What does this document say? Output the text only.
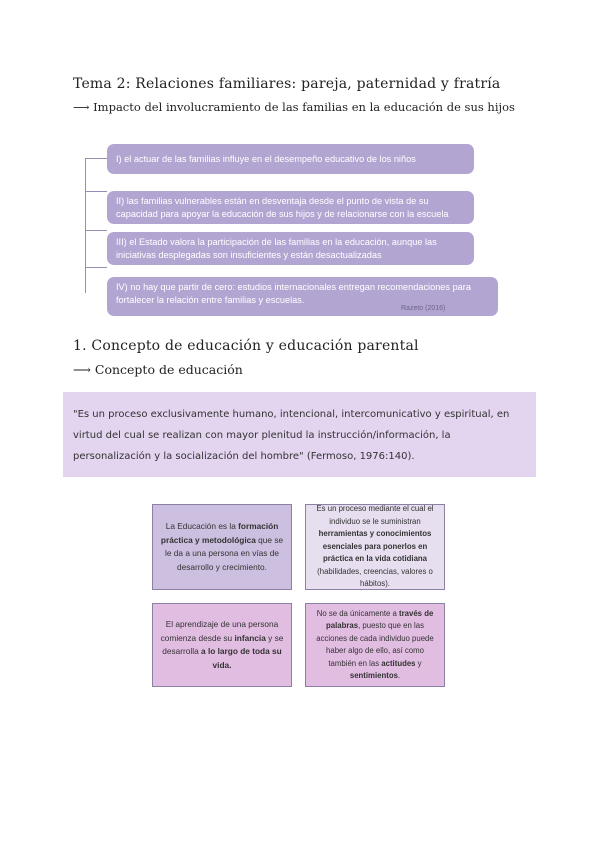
Tema 2: Relaciones familiares: pareja, paternidad y fratría
⟶ Impacto del involucramiento de las familias en la educación de sus hijos
I) el actuar de las familias influye en el desempeño educativo de los niños
II) las familias vulnerables están en desventaja desde el punto de vista de su capacidad para apoyar la educación de sus hijos y de relacionarse con la escuela
III) el Estado valora la participación de las familias en la educación, aunque las iniciativas desplegadas son insuficientes y están desactualizadas
IV) no hay que partir de cero: estudios internacionales entregan recomendaciones para fortalecer la relación entre familias y escuelas.
Razeto (2016)
1. Concepto de educación y educación parental
⟶ Concepto de educación
"Es un proceso exclusivamente humano, intencional, intercomunicativo y espiritual, en virtud del cual se realizan con mayor plenitud la instrucción/información, la personalización y la socialización del hombre" (Fermoso, 1976:140).
La Educación es la formación práctica y metodológica que se le da a una persona en vías de desarrollo y crecimiento.
Es un proceso mediante el cual el individuo se le suministran herramientas y conocimientos esenciales para ponerlos en práctica en la vida cotidiana (habilidades, creencias, valores o hábitos).
El aprendizaje de una persona comienza desde su infancia y se desarrolla a lo largo de toda su vida.
No se da únicamente a través de palabras, puesto que en las acciones de cada individuo puede haber algo de ello, así como también en las actitudes y sentimientos.
